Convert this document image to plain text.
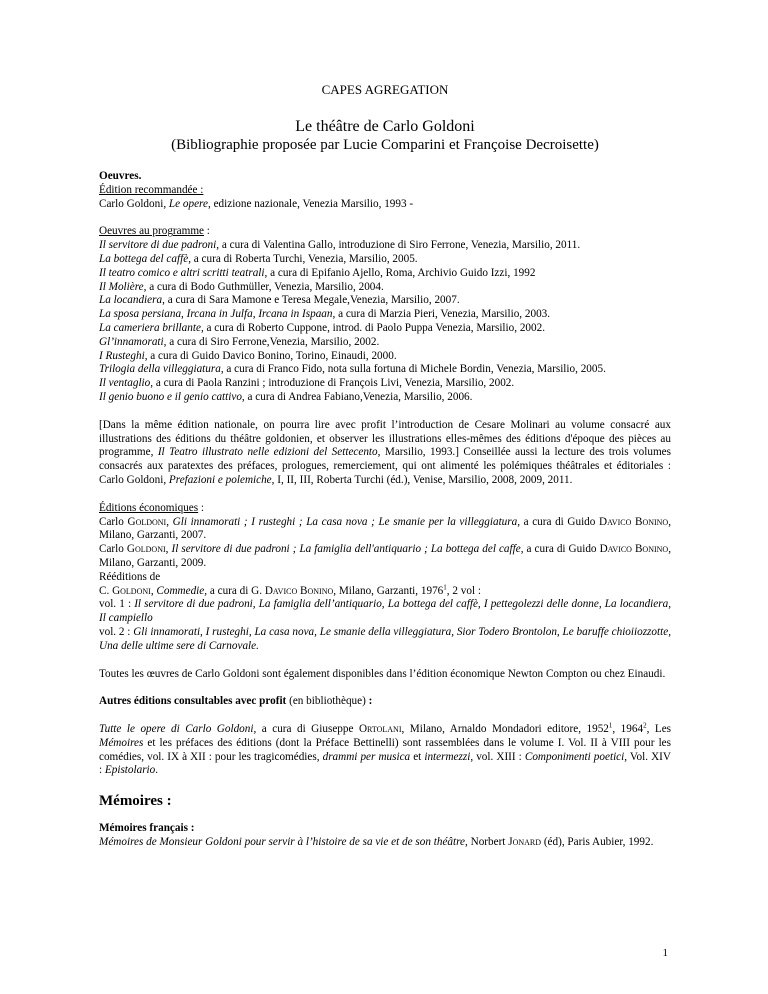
CAPES AGREGATION
Le théâtre de Carlo Goldoni
(Bibliographie proposée par Lucie Comparini et Françoise Decroisette)

Oeuvres.

Édition recommandée :

Carlo Goldoni, Le opere, edizione nazionale, Venezia Marsilio, 1993 -

Oeuvres au programme :

Il servitore di due padroni, a cura di Valentina Gallo, introduzione di Siro Ferrone, Venezia, Marsilio, 2011.

La bottega del caffè, a cura di Roberta Turchi, Venezia, Marsilio, 2005.

Il teatro comico e altri scritti teatrali, a cura di Epifanio Ajello, Roma, Archivio Guido Izzi, 1992

Il Molière, a cura di Bodo Guthmüller, Venezia, Marsilio, 2004.

La locandiera, a cura di Sara Mamone e Teresa Megale,Venezia, Marsilio, 2007.

La sposa persiana, Ircana in Julfa, Ircana in Ispaan, a cura di Marzia Pieri, Venezia, Marsilio, 2003.

La cameriera brillante, a cura di Roberto Cuppone, introd. di Paolo Puppa Venezia, Marsilio, 2002.

Gl’innamorati, a cura di Siro Ferrone,Venezia, Marsilio, 2002.

I Rusteghi, a cura di Guido Davico Bonino, Torino, Einaudi, 2000.

Trilogia della villeggiatura, a cura di Franco Fido, nota sulla fortuna di Michele Bordin, Venezia, Marsilio, 2005.

Il ventaglio, a cura di Paola Ranzini ; introduzione di François Livi, Venezia, Marsilio, 2002.

Il genio buono e il genio cattivo, a cura di Andrea Fabiano,Venezia, Marsilio, 2006.

[Dans la même édition nationale, on pourra lire avec profit l’introduction de Cesare Molinari au volume consacré aux illustrations des éditions du théâtre goldonien, et observer les illustrations elles-mêmes des éditions d'époque des pièces au programme, Il Teatro illustrato nelle edizioni del Settecento, Marsilio, 1993.] Conseillée aussi la lecture des trois volumes consacrés aux paratextes des préfaces, prologues, remerciement, qui ont alimenté les polémiques théâtrales et éditoriales : Carlo Goldoni, Prefazioni e polemiche, I, II, III, Roberta Turchi (éd.), Venise, Marsilio, 2008, 2009, 2011.

Éditions économiques :

Carlo Goldoni, Gli innamorati ; I rusteghi ; La casa nova ; Le smanie per la villeggiatura, a cura di Guido Davico Bonino, Milano, Garzanti, 2007.

Carlo Goldoni, Il servitore di due padroni ; La famiglia dell'antiquario ; La bottega del caffe, a cura di Guido Davico Bonino, Milano, Garzanti, 2009.

Rééditions de

C. Goldoni, Commedie, a cura di G. Davico Bonino, Milano, Garzanti, 1976$^1$, 2 vol :

vol. 1 : Il servitore di due padroni, La famiglia dell’antiquario, La bottega del caffè, I pettegolezzi delle donne, La locandiera, Il campiello

vol. 2 : Gli innamorati, I rusteghi, La casa nova, Le smanie della villeggiatura, Sior Todero Brontolon, Le baruffe chioiiozzotte, Una delle ultime sere di Carnovale.

Toutes les œuvres de Carlo Goldoni sont également disponibles dans l’édition économique Newton Compton ou chez Einaudi.

Autres éditions consultables avec profit (en bibliothèque) :

Tutte le opere di Carlo Goldoni, a cura di Giuseppe Ortolani, Milano, Arnaldo Mondadori editore, 1952$^1$, 1964$^2$, Les Mémoires et les préfaces des éditions (dont la Préface Bettinelli) sont rassemblées dans le volume I. Vol. II à VIII pour les comédies, vol. IX à XII : pour les tragicomédies, drammi per musica et intermezzi, vol. XIII : Componimenti poetici, Vol. XIV : Epistolario.

Mémoires :

Mémoires français :

Mémoires de Monsieur Goldoni pour servir à l’histoire de sa vie et de son théâtre, Norbert Jonard (éd), Paris Aubier, 1992.

1
